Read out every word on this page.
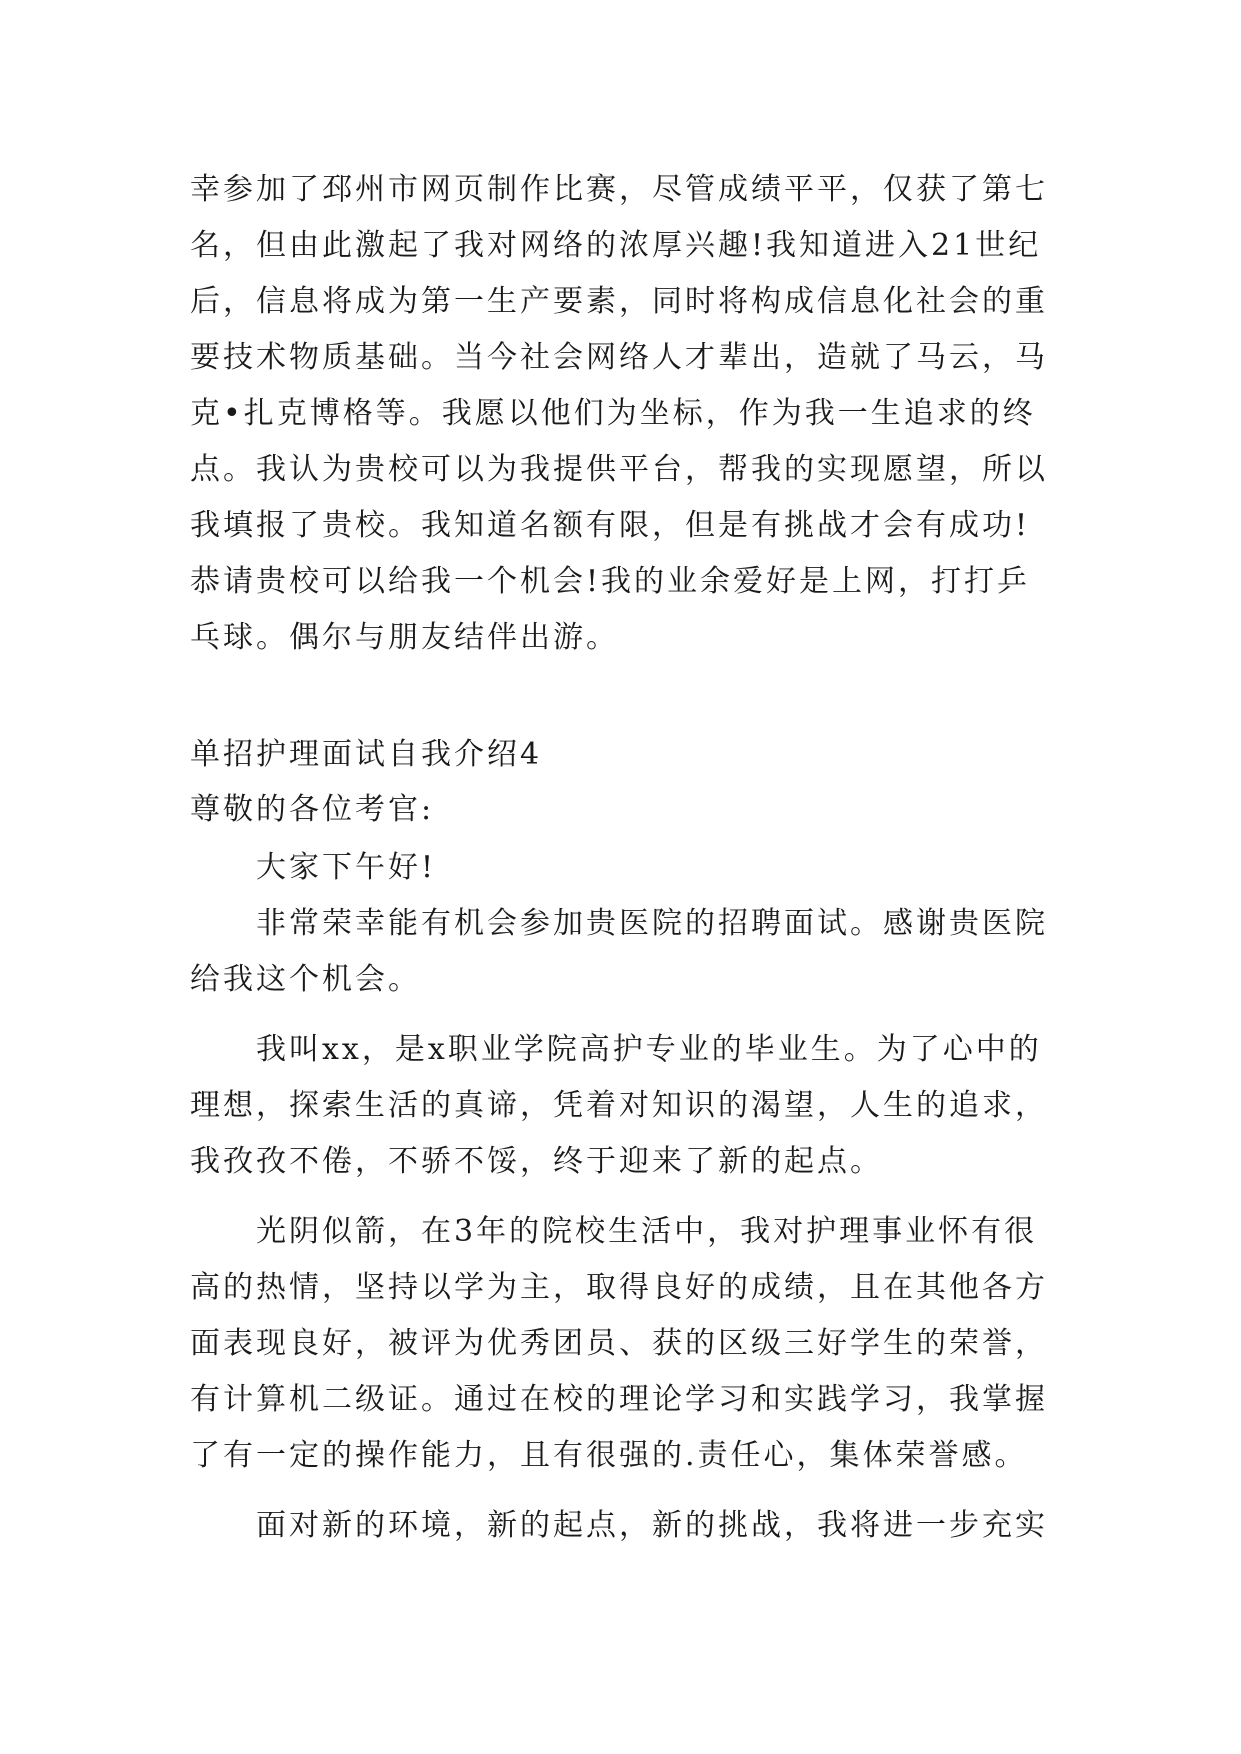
幸参加了邳州市网页制作比赛，尽管成绩平平，仅获了第七
名，但由此激起了我对网络的浓厚兴趣!我知道进入21世纪
后，信息将成为第一生产要素，同时将构成信息化社会的重
要技术物质基础。当今社会网络人才辈出，造就了马云，马
克•扎克博格等。我愿以他们为坐标，作为我一生追求的终
点。我认为贵校可以为我提供平台，帮我的实现愿望，所以
我填报了贵校。我知道名额有限，但是有挑战才会有成功!
恭请贵校可以给我一个机会!我的业余爱好是上网，打打乒
乓球。偶尔与朋友结伴出游。
单招护理面试自我介绍4
尊敬的各位考官:
大家下午好!
非常荣幸能有机会参加贵医院的招聘面试。感谢贵医院
给我这个机会。
我叫xx，是x职业学院高护专业的毕业生。为了心中的
理想，探索生活的真谛，凭着对知识的渴望，人生的追求，
我孜孜不倦，不骄不馁，终于迎来了新的起点。
光阴似箭，在3年的院校生活中，我对护理事业怀有很
高的热情，坚持以学为主，取得良好的成绩，且在其他各方
面表现良好，被评为优秀团员、获的区级三好学生的荣誉，
有计算机二级证。通过在校的理论学习和实践学习，我掌握
了有一定的操作能力，且有很强的.责任心，集体荣誉感。
面对新的环境，新的起点，新的挑战，我将进一步充实
